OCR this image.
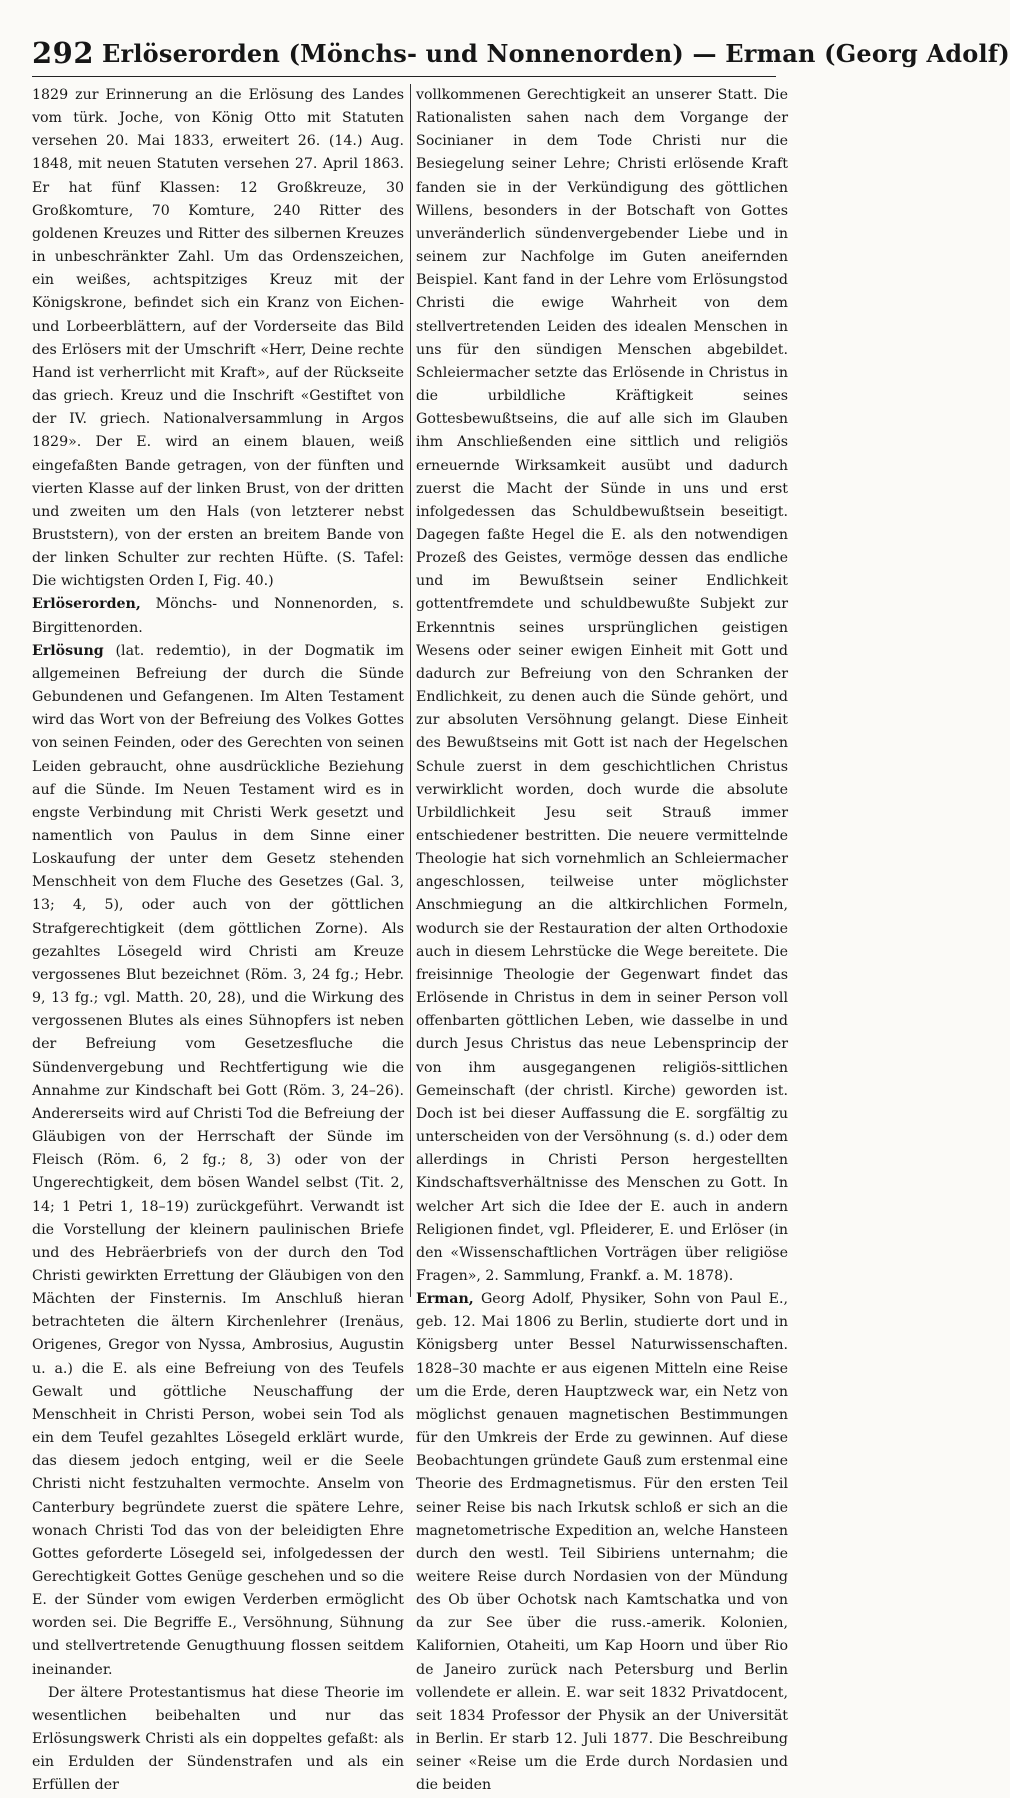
292 Erlöserorden (Mönchs- und Nonnenorden) — Erman (Georg Adolf)

1829 zur Erinnerung an die Erlösung des Landes vom türk. Joche, von König Otto mit Statuten versehen 20. Mai 1833, erweitert 26. (14.) Aug. 1848, mit neuen Statuten versehen 27. April 1863. Er hat fünf Klassen: 12 Großkreuze, 30 Großkomture, 70 Komture, 240 Ritter des goldenen Kreuzes und Ritter des silbernen Kreuzes in unbeschränkter Zahl. Um das Ordenszeichen, ein weißes, achtspitziges Kreuz mit der Königskrone, befindet sich ein Kranz von Eichen- und Lorbeerblättern, auf der Vorderseite das Bild des Erlösers mit der Umschrift «Herr, Deine rechte Hand ist verherrlicht mit Kraft», auf der Rückseite das griech. Kreuz und die Inschrift «Gestiftet von der IV. griech. Nationalversammlung in Argos 1829». Der E. wird an einem blauen, weiß eingefaßten Bande getragen, von der fünften und vierten Klasse auf der linken Brust, von der dritten und zweiten um den Hals (von letzterer nebst Bruststern), von der ersten an breitem Bande von der linken Schulter zur rechten Hüfte. (S. Tafel: Die wichtigsten Orden I, Fig. 40.)

Erlöserorden, Mönchs- und Nonnenorden, s. Birgittenorden.

Erlösung (lat. redemtio), in der Dogmatik im allgemeinen Befreiung der durch die Sünde Gebundenen und Gefangenen. Im Alten Testament wird das Wort von der Befreiung des Volkes Gottes von seinen Feinden, oder des Gerechten von seinen Leiden gebraucht, ohne ausdrückliche Beziehung auf die Sünde. Im Neuen Testament wird es in engste Verbindung mit Christi Werk gesetzt und namentlich von Paulus in dem Sinne einer Loskaufung der unter dem Gesetz stehenden Menschheit von dem Fluche des Gesetzes (Gal. 3, 13; 4, 5), oder auch von der göttlichen Strafgerechtigkeit (dem göttlichen Zorne). Als gezahltes Lösegeld wird Christi am Kreuze vergossenes Blut bezeichnet (Röm. 3, 24 fg.; Hebr. 9, 13 fg.; vgl. Matth. 20, 28), und die Wirkung des vergossenen Blutes als eines Sühnopfers ist neben der Befreiung vom Gesetzesfluche die Sündenvergebung und Rechtfertigung wie die Annahme zur Kindschaft bei Gott (Röm. 3, 24–26). Andererseits wird auf Christi Tod die Befreiung der Gläubigen von der Herrschaft der Sünde im Fleisch (Röm. 6, 2 fg.; 8, 3) oder von der Ungerechtigkeit, dem bösen Wandel selbst (Tit. 2, 14; 1 Petri 1, 18–19) zurückgeführt. Verwandt ist die Vorstellung der kleinern paulinischen Briefe und des Hebräerbriefs von der durch den Tod Christi gewirkten Errettung der Gläubigen von den Mächten der Finsternis. Im Anschluß hieran betrachteten die ältern Kirchenlehrer (Irenäus, Origenes, Gregor von Nyssa, Ambrosius, Augustin u. a.) die E. als eine Befreiung von des Teufels Gewalt und göttliche Neuschaffung der Menschheit in Christi Person, wobei sein Tod als ein dem Teufel gezahltes Lösegeld erklärt wurde, das diesem jedoch entging, weil er die Seele Christi nicht festzuhalten vermochte. Anselm von Canterbury begründete zuerst die spätere Lehre, wonach Christi Tod das von der beleidigten Ehre Gottes geforderte Lösegeld sei, infolgedessen der Gerechtigkeit Gottes Genüge geschehen und so die E. der Sünder vom ewigen Verderben ermöglicht worden sei. Die Begriffe E., Versöhnung, Sühnung und stellvertretende Genugthuung flossen seitdem ineinander.

Der ältere Protestantismus hat diese Theorie im wesentlichen beibehalten und nur das Erlösungswerk Christi als ein doppeltes gefaßt: als ein Erdulden der Sündenstrafen und als ein Erfüllen der

vollkommenen Gerechtigkeit an unserer Statt. Die Rationalisten sahen nach dem Vorgange der Socinianer in dem Tode Christi nur die Besiegelung seiner Lehre; Christi erlösende Kraft fanden sie in der Verkündigung des göttlichen Willens, besonders in der Botschaft von Gottes unveränderlich sündenvergebender Liebe und in seinem zur Nachfolge im Guten aneifernden Beispiel. Kant fand in der Lehre vom Erlösungstod Christi die ewige Wahrheit von dem stellvertretenden Leiden des idealen Menschen in uns für den sündigen Menschen abgebildet. Schleiermacher setzte das Erlösende in Christus in die urbildliche Kräftigkeit seines Gottesbewußtseins, die auf alle sich im Glauben ihm Anschließenden eine sittlich und religiös erneuernde Wirksamkeit ausübt und dadurch zuerst die Macht der Sünde in uns und erst infolgedessen das Schuldbewußtsein beseitigt. Dagegen faßte Hegel die E. als den notwendigen Prozeß des Geistes, vermöge dessen das endliche und im Bewußtsein seiner Endlichkeit gottentfremdete und schuldbewußte Subjekt zur Erkenntnis seines ursprünglichen geistigen Wesens oder seiner ewigen Einheit mit Gott und dadurch zur Befreiung von den Schranken der Endlichkeit, zu denen auch die Sünde gehört, und zur absoluten Versöhnung gelangt. Diese Einheit des Bewußtseins mit Gott ist nach der Hegelschen Schule zuerst in dem geschichtlichen Christus verwirklicht worden, doch wurde die absolute Urbildlichkeit Jesu seit Strauß immer entschiedener bestritten. Die neuere vermittelnde Theologie hat sich vornehmlich an Schleiermacher angeschlossen, teilweise unter möglichster Anschmiegung an die altkirchlichen Formeln, wodurch sie der Restauration der alten Orthodoxie auch in diesem Lehrstücke die Wege bereitete. Die freisinnige Theologie der Gegenwart findet das Erlösende in Christus in dem in seiner Person voll offenbarten göttlichen Leben, wie dasselbe in und durch Jesus Christus das neue Lebensprincip der von ihm ausgegangenen religiös-sittlichen Gemeinschaft (der christl. Kirche) geworden ist. Doch ist bei dieser Auffassung die E. sorgfältig zu unterscheiden von der Versöhnung (s. d.) oder dem allerdings in Christi Person hergestellten Kindschaftsverhältnisse des Menschen zu Gott. In welcher Art sich die Idee der E. auch in andern Religionen findet, vgl. Pfleiderer, E. und Erlöser (in den «Wissenschaftlichen Vorträgen über religiöse Fragen», 2. Sammlung, Frankf. a. M. 1878).

Erman, Georg Adolf, Physiker, Sohn von Paul E., geb. 12. Mai 1806 zu Berlin, studierte dort und in Königsberg unter Bessel Naturwissenschaften. 1828–30 machte er aus eigenen Mitteln eine Reise um die Erde, deren Hauptzweck war, ein Netz von möglichst genauen magnetischen Bestimmungen für den Umkreis der Erde zu gewinnen. Auf diese Beobachtungen gründete Gauß zum erstenmal eine Theorie des Erdmagnetismus. Für den ersten Teil seiner Reise bis nach Irkutsk schloß er sich an die magnetometrische Expedition an, welche Hansteen durch den westl. Teil Sibiriens unternahm; die weitere Reise durch Nordasien von der Mündung des Ob über Ochotsk nach Kamtschatka und von da zur See über die russ.-amerik. Kolonien, Kalifornien, Otaheiti, um Kap Hoorn und über Rio de Janeiro zurück nach Petersburg und Berlin vollendete er allein. E. war seit 1832 Privatdocent, seit 1834 Professor der Physik an der Universität in Berlin. Er starb 12. Juli 1877. Die Beschreibung seiner «Reise um die Erde durch Nordasien und die beiden
